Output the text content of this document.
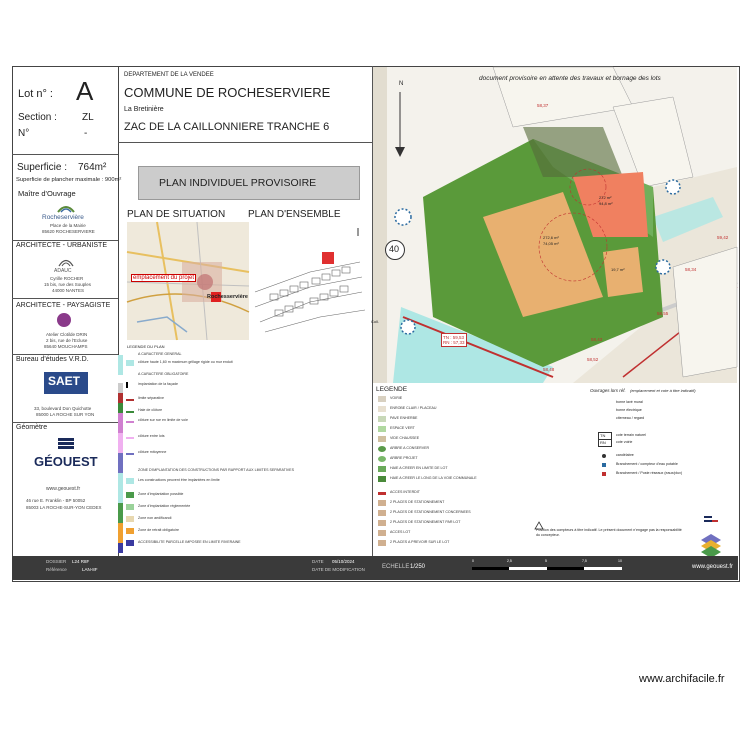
Lot n° : A
Section :	ZL
N°	-
Superficie : 764m²
Superficie de plancher maximale : 900m²
Maître d'Ouvrage
Rocheservière
Place de la Mairie
85620 ROCHESERVIERE
ARCHITECTE - URBANISTE
ADAUC
Cyrille ROCHER
15 bis, rue des Souples
44000 NANTES
ARCHITECTE - PAYSAGISTE
Atelier Clotilde DRIN
2 bis, rue de l'Ecluse
85640 MOUCHAMPS
Bureau d'études V.R.D.
SAET
33, boulevard Don Quichotte
85000 LA ROCHE SUR YON
Géomètre
GÉOUEST
www.geouest.fr
46 rue E. Franklin - BP 50052
85003 LA ROCHE-SUR-YON CEDEX
DEPARTEMENT DE LA VENDEE
COMMUNE DE ROCHESERVIERE
La Bretinière
ZAC DE LA CAILLONNIERE TRANCHE 6
PLAN INDIVIDUEL PROVISOIRE
PLAN DE SITUATION PLAN D'ENSEMBLE
emplacement du projet
Rochesservière
LEGENDE DU PLAN
A CARACTERE GENERAL
clôture haute 1,60 m maximum grillage rigide ou mur enduit
A CARACTERE OBLIGATOIRE
implantation de la façade
limite séparative
Haie de clôture
clôture sur rue en limite de voie
clôture entre lots
clôture mitoyenne
ZONE D'IMPLANTATION DES CONSTRUCTIONS PAR RAPPORT AUX LIMITES SEPARATIVES
Les constructions peuvent être implantées en limite
Zone d'implantation possible
Zone d'implantation réglementée
Zone non aedificandi
Zone de retrait obligatoire
ACCESSIBILITE PARCELLE IMPOSEE EN LIMITE RIVERAINE
N
40
document provisoire en attente des travaux et bornage des lots
272,6 m²
74,05 m²
272 m²
94,8 m²
19,7 m²
TN : 59,53
RN : 57,33
Coll.
58,37
59,42
58,34
58,43
58,52
58,48
58,55
LEGENDE
VOIRIE
ENROBE CLAIR / PLACEAU
PAVE ENHERBE
ESPACE VERT
VIDE CHAUSSEE
ARBRE A CONSERVER
ARBRE PROJET
HAIE A CREER EN LIMITE DE LOT
HAIE A CREER LE LONG DE LA VOIE COMMUNALE
ACCES INTERDIT
2 PLACES DE STATIONNEMENT
2 PLACES DE STATIONNEMENT CONCERNEES
2 PLACES DE STATIONNEMENT PAR LOT
ACCES LOT
2 PLACES A PREVOIR SUR LE LOT
Ouvrages lors réf. (emplacement et cote à titre indicatif)
borne lavé mural
borne électrique
citerneau / regard
TN
RN
cote terrain naturel
cote voirie
candélabre
Branchement / compteur d'eau potable
Branchement / Poste réseaux (eaux/pluv)
Position des compteurs à titre indicatif. Le présent document n'engage pas la responsabilité du concepteur.
DOSSIER L24 R8F
Référence	LAN-8F
DATE 05/10/2024
DATE DE MODIFICATION	ECHELLE 1/250
0	2,5	5	7,5	10
www.geouest.fr
www.archifacile.fr
